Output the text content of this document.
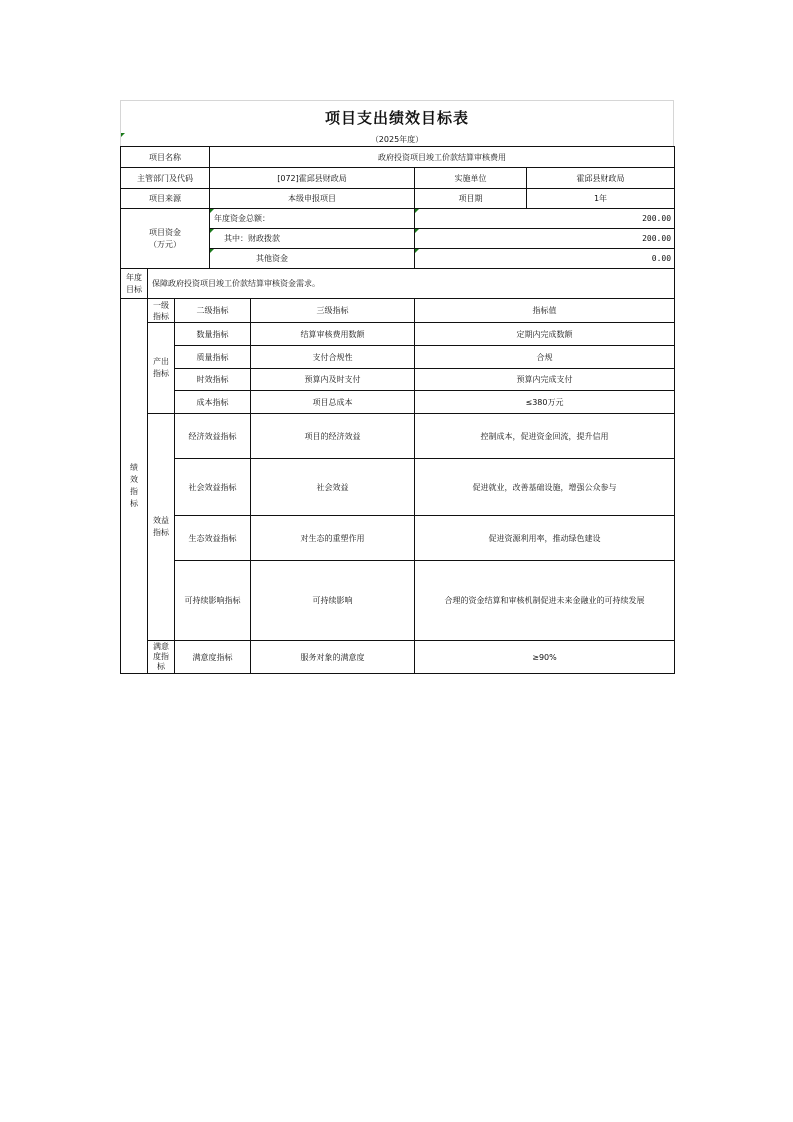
项目支出绩效目标表
（2025年度）
项目名称			政府投资项目竣工价款结算审核费用			
主管部门及代码			[072]霍邱县财政局		实施单位	霍邱县财政局
项目来源			本级申报项目		项目期	1年

项目资金
（万元）			年度资金总额：		200.00	

其中：财政拨款		200.00	

其他资金		0.00	

年度目标	保障政府投资项目竣工价款结算审核资金需求。					

绩效指标	一级指标	二级指标		三级指标	指标值	

	产出指标	数量指标		结算审核费用数额	定期内完成数额	
		质量指标		支付合规性	合规	
		时效指标		预算内及时支付	预算内完成支付	
		成本指标		项目总成本	≤380万元	

	效益指标	经济效益指标		项目的经济效益	控制成本，促进资金回流，提升信用	
		社会效益指标		社会效益	促进就业，改善基础设施，增强公众参与	
		生态效益指标		对生态的重塑作用	促进资源利用率，推动绿色建设	
		可持续影响指标		可持续影响	合理的资金结算和审核机制促进未来金融业的可持续发展	

	满意度指标	满意度指标		服务对象的满意度	≥90%	
